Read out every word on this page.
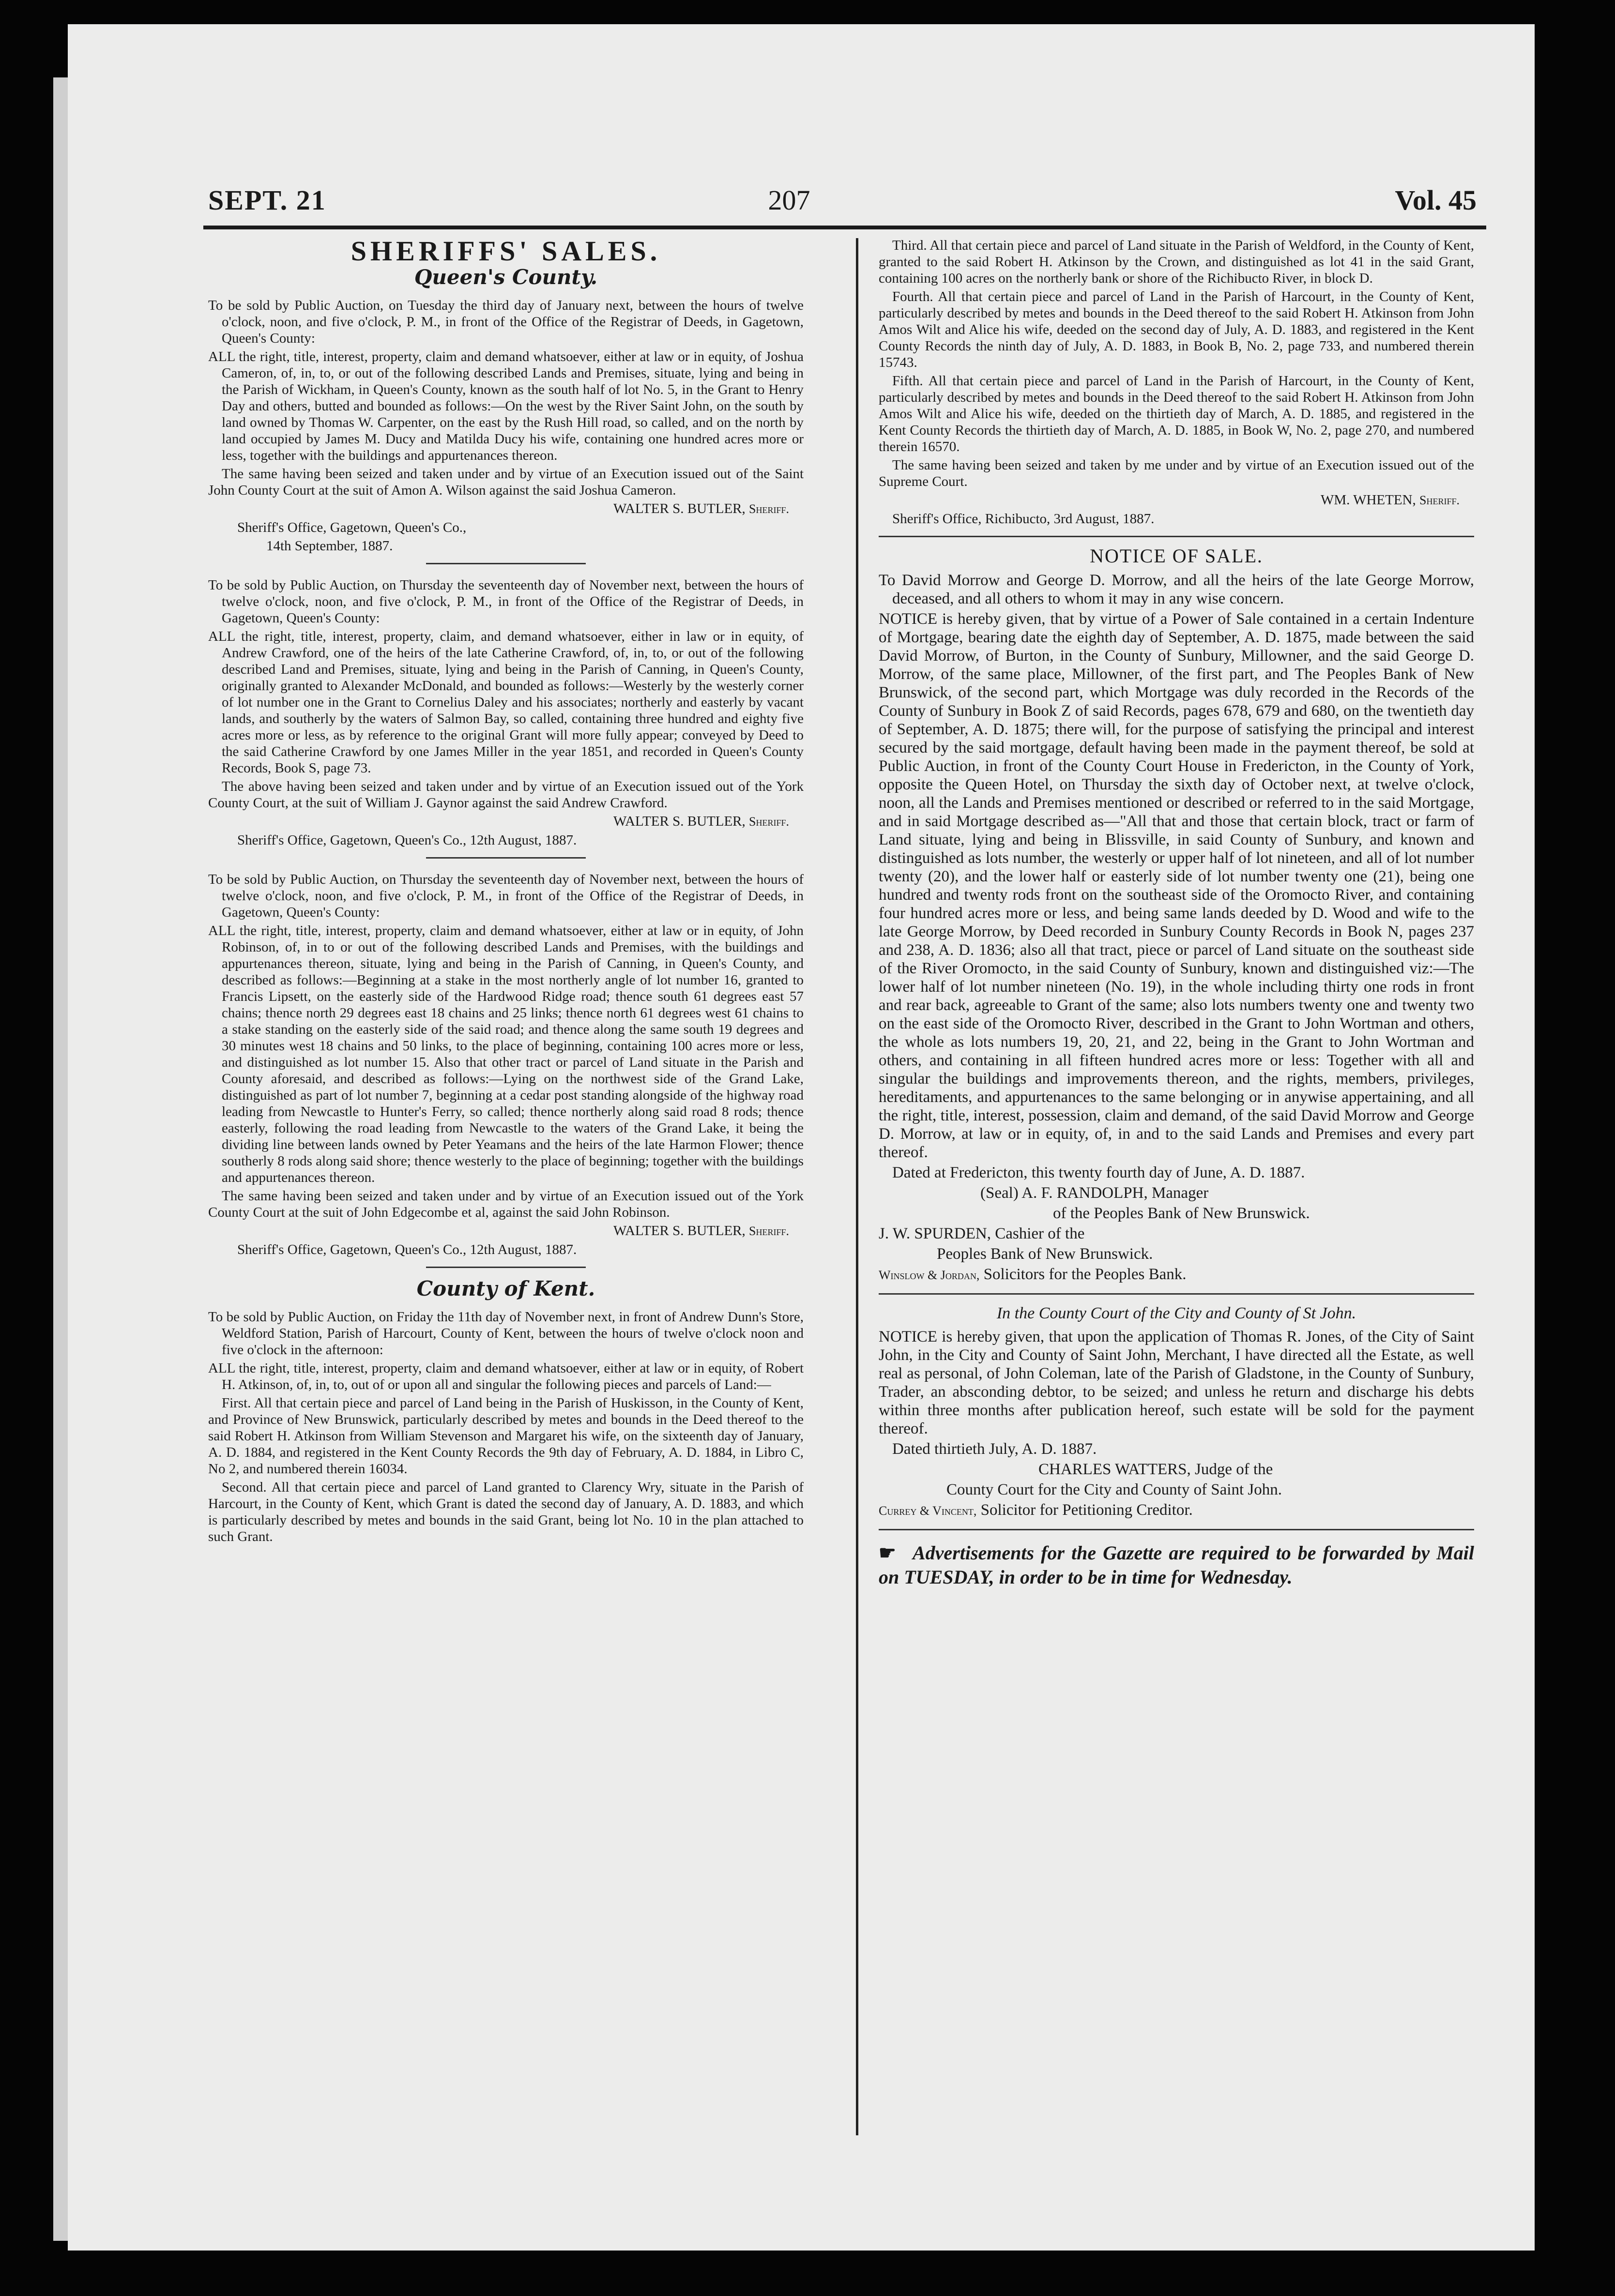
SEPT. 21	207	Vol. 45
SHERIFFS' SALES.
Queen's County.

To be sold by Public Auction, on Tuesday the third day of January next, between the hours of twelve o'clock, noon, and five o'clock, P. M., in front of the Office of the Registrar of Deeds, in Gagetown, Queen's County:

ALL the right, title, interest, property, claim and demand whatsoever, either at law or in equity, of Joshua Cameron, of, in, to, or out of the following described Lands and Premises, situate, lying and being in the Parish of Wickham, in Queen's County, known as the south half of lot No. 5, in the Grant to Henry Day and others, butted and bounded as follows:—On the west by the River Saint John, on the south by land owned by Thomas W. Carpenter, on the east by the Rush Hill road, so called, and on the north by land occupied by James M. Ducy and Matilda Ducy his wife, containing one hundred acres more or less, together with the buildings and appurtenances thereon.

The same having been seized and taken under and by virtue of an Execution issued out of the Saint John County Court at the suit of Amon A. Wilson against the said Joshua Cameron.

WALTER S. BUTLER, Sheriff.

Sheriff's Office, Gagetown, Queen's Co.,

14th September, 1887.

To be sold by Public Auction, on Thursday the seventeenth day of November next, between the hours of twelve o'clock, noon, and five o'clock, P. M., in front of the Office of the Registrar of Deeds, in Gagetown, Queen's County:

ALL the right, title, interest, property, claim, and demand whatsoever, either in law or in equity, of Andrew Crawford, one of the heirs of the late Catherine Crawford, of, in, to, or out of the following described Land and Premises, situate, lying and being in the Parish of Canning, in Queen's County, originally granted to Alexander McDonald, and bounded as follows:—Westerly by the westerly corner of lot number one in the Grant to Cornelius Daley and his associates; northerly and easterly by vacant lands, and southerly by the waters of Salmon Bay, so called, containing three hundred and eighty five acres more or less, as by reference to the original Grant will more fully appear; conveyed by Deed to the said Catherine Crawford by one James Miller in the year 1851, and recorded in Queen's County Records, Book S, page 73.

The above having been seized and taken under and by virtue of an Execution issued out of the York County Court, at the suit of William J. Gaynor against the said Andrew Crawford.

WALTER S. BUTLER, Sheriff.

Sheriff's Office, Gagetown, Queen's Co., 12th August, 1887.

To be sold by Public Auction, on Thursday the seventeenth day of November next, between the hours of twelve o'clock, noon, and five o'clock, P. M., in front of the Office of the Registrar of Deeds, in Gagetown, Queen's County:

ALL the right, title, interest, property, claim and demand whatsoever, either at law or in equity, of John Robinson, of, in to or out of the following described Lands and Premises, with the buildings and appurtenances thereon, situate, lying and being in the Parish of Canning, in Queen's County, and described as follows:—Beginning at a stake in the most northerly angle of lot number 16, granted to Francis Lipsett, on the easterly side of the Hardwood Ridge road; thence south 61 degrees east 57 chains; thence north 29 degrees east 18 chains and 25 links; thence north 61 degrees west 61 chains to a stake standing on the easterly side of the said road; and thence along the same south 19 degrees and 30 minutes west 18 chains and 50 links, to the place of beginning, containing 100 acres more or less, and distinguished as lot number 15. Also that other tract or parcel of Land situate in the Parish and County aforesaid, and described as follows:—Lying on the northwest side of the Grand Lake, distinguished as part of lot number 7, beginning at a cedar post standing alongside of the highway road leading from Newcastle to Hunter's Ferry, so called; thence northerly along said road 8 rods; thence easterly, following the road leading from Newcastle to the waters of the Grand Lake, it being the dividing line between lands owned by Peter Yeamans and the heirs of the late Harmon Flower; thence southerly 8 rods along said shore; thence westerly to the place of beginning; together with the buildings and appurtenances thereon.

The same having been seized and taken under and by virtue of an Execution issued out of the York County Court at the suit of John Edgecombe et al, against the said John Robinson.

WALTER S. BUTLER, Sheriff.

Sheriff's Office, Gagetown, Queen's Co., 12th August, 1887.

County of Kent.

To be sold by Public Auction, on Friday the 11th day of November next, in front of Andrew Dunn's Store, Weldford Station, Parish of Harcourt, County of Kent, between the hours of twelve o'clock noon and five o'clock in the afternoon:

ALL the right, title, interest, property, claim and demand whatsoever, either at law or in equity, of Robert H. Atkinson, of, in, to, out of or upon all and singular the following pieces and parcels of Land:—

First. All that certain piece and parcel of Land being in the Parish of Huskisson, in the County of Kent, and Province of New Brunswick, particularly described by metes and bounds in the Deed thereof to the said Robert H. Atkinson from William Stevenson and Margaret his wife, on the sixteenth day of January, A. D. 1884, and registered in the Kent County Records the 9th day of February, A. D. 1884, in Libro C, No 2, and numbered therein 16034.

Second. All that certain piece and parcel of Land granted to Clarency Wry, situate in the Parish of Harcourt, in the County of Kent, which Grant is dated the second day of January, A. D. 1883, and which is particularly described by metes and bounds in the said Grant, being lot No. 10 in the plan attached to such Grant.

Third. All that certain piece and parcel of Land situate in the Parish of Weldford, in the County of Kent, granted to the said Robert H. Atkinson by the Crown, and distinguished as lot 41 in the said Grant, containing 100 acres on the northerly bank or shore of the Richibucto River, in block D.

Fourth. All that certain piece and parcel of Land in the Parish of Harcourt, in the County of Kent, particularly described by metes and bounds in the Deed thereof to the said Robert H. Atkinson from John Amos Wilt and Alice his wife, deeded on the second day of July, A. D. 1883, and registered in the Kent County Records the ninth day of July, A. D. 1883, in Book B, No. 2, page 733, and numbered therein 15743.

Fifth. All that certain piece and parcel of Land in the Parish of Harcourt, in the County of Kent, particularly described by metes and bounds in the Deed thereof to the said Robert H. Atkinson from John Amos Wilt and Alice his wife, deeded on the thirtieth day of March, A. D. 1885, and registered in the Kent County Records the thirtieth day of March, A. D. 1885, in Book W, No. 2, page 270, and numbered therein 16570.

The same having been seized and taken by me under and by virtue of an Execution issued out of the Supreme Court.

WM. WHETEN, Sheriff.

Sheriff's Office, Richibucto, 3rd August, 1887.

NOTICE OF SALE.

To David Morrow and George D. Morrow, and all the heirs of the late George Morrow, deceased, and all others to whom it may in any wise concern.

NOTICE is hereby given, that by virtue of a Power of Sale contained in a certain Indenture of Mortgage, bearing date the eighth day of September, A. D. 1875, made between the said David Morrow, of Burton, in the County of Sunbury, Millowner, and the said George D. Morrow, of the same place, Millowner, of the first part, and The Peoples Bank of New Brunswick, of the second part, which Mortgage was duly recorded in the Records of the County of Sunbury in Book Z of said Records, pages 678, 679 and 680, on the twentieth day of September, A. D. 1875; there will, for the purpose of satisfying the principal and interest secured by the said mortgage, default having been made in the payment thereof, be sold at Public Auction, in front of the County Court House in Fredericton, in the County of York, opposite the Queen Hotel, on Thursday the sixth day of October next, at twelve o'clock, noon, all the Lands and Premises mentioned or described or referred to in the said Mortgage, and in said Mortgage described as—"All that and those that certain block, tract or farm of Land situate, lying and being in Blissville, in said County of Sunbury, and known and distinguished as lots number, the westerly or upper half of lot nineteen, and all of lot number twenty (20), and the lower half or easterly side of lot number twenty one (21), being one hundred and twenty rods front on the southeast side of the Oromocto River, and containing four hundred acres more or less, and being same lands deeded by D. Wood and wife to the late George Morrow, by Deed recorded in Sunbury County Records in Book N, pages 237 and 238, A. D. 1836; also all that tract, piece or parcel of Land situate on the southeast side of the River Oromocto, in the said County of Sunbury, known and distinguished viz:—The lower half of lot number nineteen (No. 19), in the whole including thirty one rods in front and rear back, agreeable to Grant of the same; also lots numbers twenty one and twenty two on the east side of the Oromocto River, described in the Grant to John Wortman and others, the whole as lots numbers 19, 20, 21, and 22, being in the Grant to John Wortman and others, and containing in all fifteen hundred acres more or less: Together with all and singular the buildings and improvements thereon, and the rights, members, privileges, hereditaments, and appurtenances to the same belonging or in anywise appertaining, and all the right, title, interest, possession, claim and demand, of the said David Morrow and George D. Morrow, at law or in equity, of, in and to the said Lands and Premises and every part thereof.

Dated at Fredericton, this twenty fourth day of June, A. D. 1887.

(Seal) A. F. RANDOLPH, Manager

of the Peoples Bank of New Brunswick.

J. W. SPURDEN, Cashier of the

Peoples Bank of New Brunswick.

Winslow & Jordan, Solicitors for the Peoples Bank.

In the County Court of the City and County of St John.

NOTICE is hereby given, that upon the application of Thomas R. Jones, of the City of Saint John, in the City and County of Saint John, Merchant, I have directed all the Estate, as well real as personal, of John Coleman, late of the Parish of Gladstone, in the County of Sunbury, Trader, an absconding debtor, to be seized; and unless he return and discharge his debts within three months after publication hereof, such estate will be sold for the payment thereof.

Dated thirtieth July, A. D. 1887.

CHARLES WATTERS, Judge of the

County Court for the City and County of Saint John.

Currey & Vincent, Solicitor for Petitioning Creditor.

☛ Advertisements for the Gazette are required to be forwarded by Mail on TUESDAY, in order to be in time for Wednesday.
